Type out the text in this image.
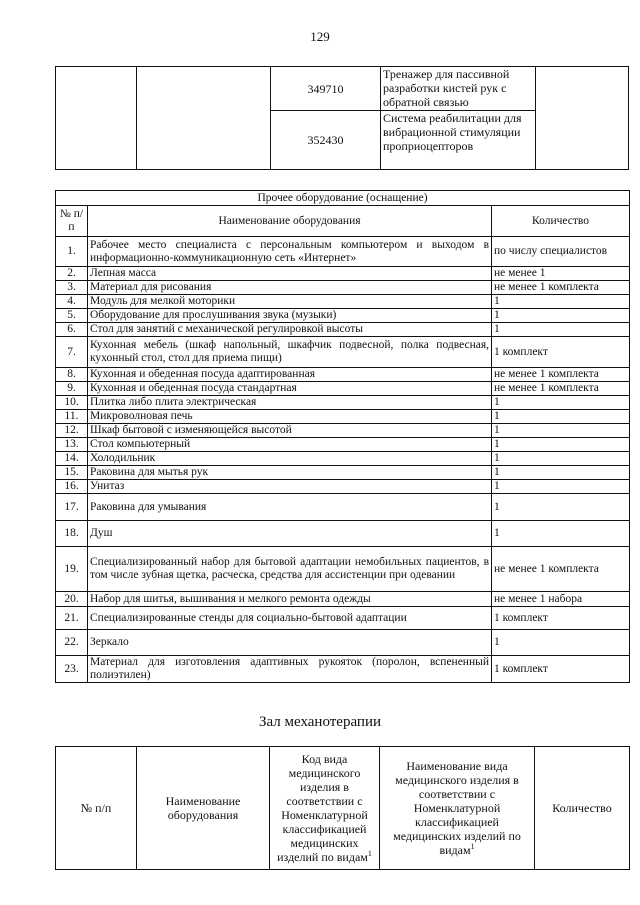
129
		349710	Тренажер для пассивной разработки кистей рук с обратной связью	
		352430	Система реабилитации для вибрационной стимуляции проприоцепторов	
Прочее оборудование (оснащение)		
№ п/п	Наименование оборудования	Количество
1.	Рабочее место специалиста с персональным компьютером и выходом в информационно-коммуникационную сеть «Интернет»	по числу специалистов
2.	Лепная масса	не менее 1
3.	Материал для рисования	не менее 1 комплекта
4.	Модуль для мелкой моторики	1
5.	Оборудование для прослушивания звука (музыки)	1
6.	Стол для занятий с механической регулировкой высоты	1
7.	Кухонная мебель (шкаф напольный, шкафчик подвесной, полка подвесная, кухонный стол, стол для приема пищи)	1 комплект
8.	Кухонная и обеденная посуда адаптированная	не менее 1 комплекта
9.	Кухонная и обеденная посуда стандартная	не менее 1 комплекта
10.	Плитка либо плита электрическая	1
11.	Микроволновая печь	1
12.	Шкаф бытовой с изменяющейся высотой	1
13.	Стол компьютерный	1
14.	Холодильник	1
15.	Раковина для мытья рук	1
16.	Унитаз	1
17.	Раковина для умывания	1
18.	Душ	1
19.	Специализированный набор для бытовой адаптации немобильных пациентов, в том числе зубная щетка, расческа, средства для ассистенции при одевании	не менее 1 комплекта
20.	Набор для шитья, вышивания и мелкого ремонта одежды	не менее 1 набора
21.	Специализированные стенды для социально-бытовой адаптации	1 комплект
22.	Зеркало	1
23.	Материал для изготовления адаптивных рукояток (поролон, вспененный полиэтилен)	1 комплект
Зал механотерапии
№ п/п	Наименование оборудования	Код вида медицинского изделия в соответствии с Номенклатурной классификацией медицинских изделий по видам$^1$	Наименование вида медицинского изделия в соответствии с Номенклатурной классификацией медицинских изделий по видам$^1$	Количество
